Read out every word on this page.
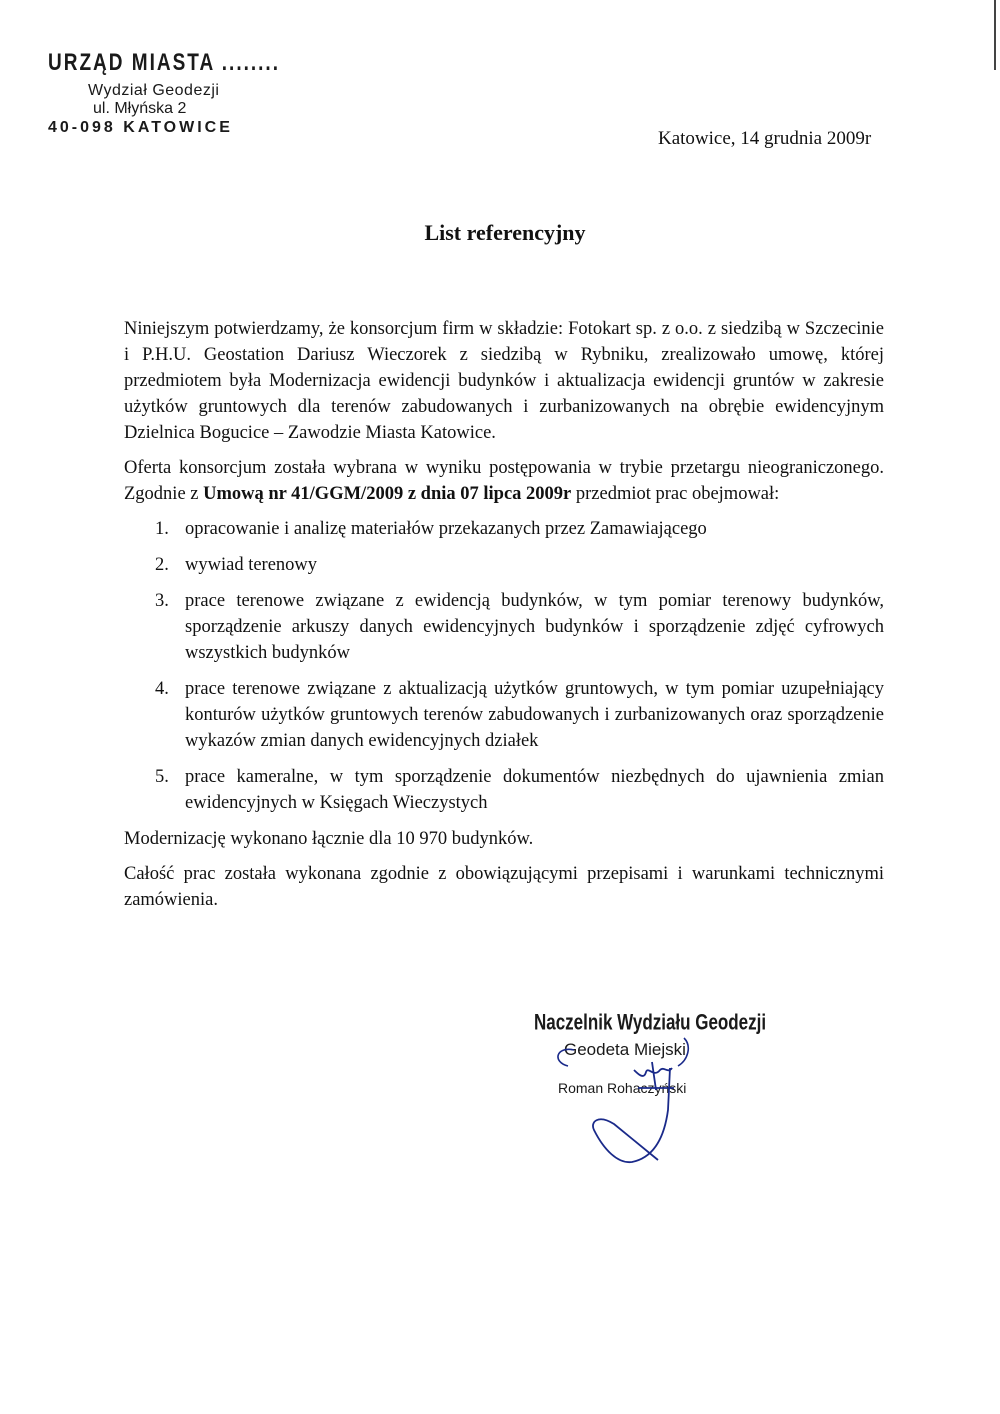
URZĄD MIASTA ........
Wydział Geodezji
ul. Młyńska 2
40-098 KATOWICE
Katowice, 14 grudnia 2009r
List referencyjny

Niniejszym potwierdzamy, że konsorcjum firm w składzie: Fotokart sp. z o.o. z siedzibą w Szczecinie i P.H.U. Geostation Dariusz Wieczorek z siedzibą w Rybniku, zrealizowało umowę, której przedmiotem była Modernizacja ewidencji budynków i aktualizacja ewidencji gruntów w zakresie użytków gruntowych dla terenów zabudowanych i zurbanizowanych na obrębie ewidencyjnym Dzielnica Bogucice – Zawodzie Miasta Katowice.

Oferta konsorcjum została wybrana w wyniku postępowania w trybie przetargu nieograniczonego. Zgodnie z Umową nr 41/GGM/2009 z dnia 07 lipca 2009r przedmiot prac obejmował:

1. opracowanie i analizę materiałów przekazanych przez Zamawiającego
2. wywiad terenowy
3. prace terenowe związane z ewidencją budynków, w tym pomiar terenowy budynków, sporządzenie arkuszy danych ewidencyjnych budynków i sporządzenie zdjęć cyfrowych wszystkich budynków
4. prace terenowe związane z aktualizacją użytków gruntowych, w tym pomiar uzupełniający konturów użytków gruntowych terenów zabudowanych i zurbanizowanych oraz sporządzenie wykazów zmian danych ewidencyjnych działek
5. prace kameralne, w tym sporządzenie dokumentów niezbędnych do ujawnienia zmian ewidencyjnych w Księgach Wieczystych

Modernizację wykonano łącznie dla 10 970 budynków.

Całość prac została wykonana zgodnie z obowiązującymi przepisami i warunkami technicznymi zamówienia.

Naczelnik Wydziału Geodezji
Geodeta Miejski
Roman Rohaczyński
